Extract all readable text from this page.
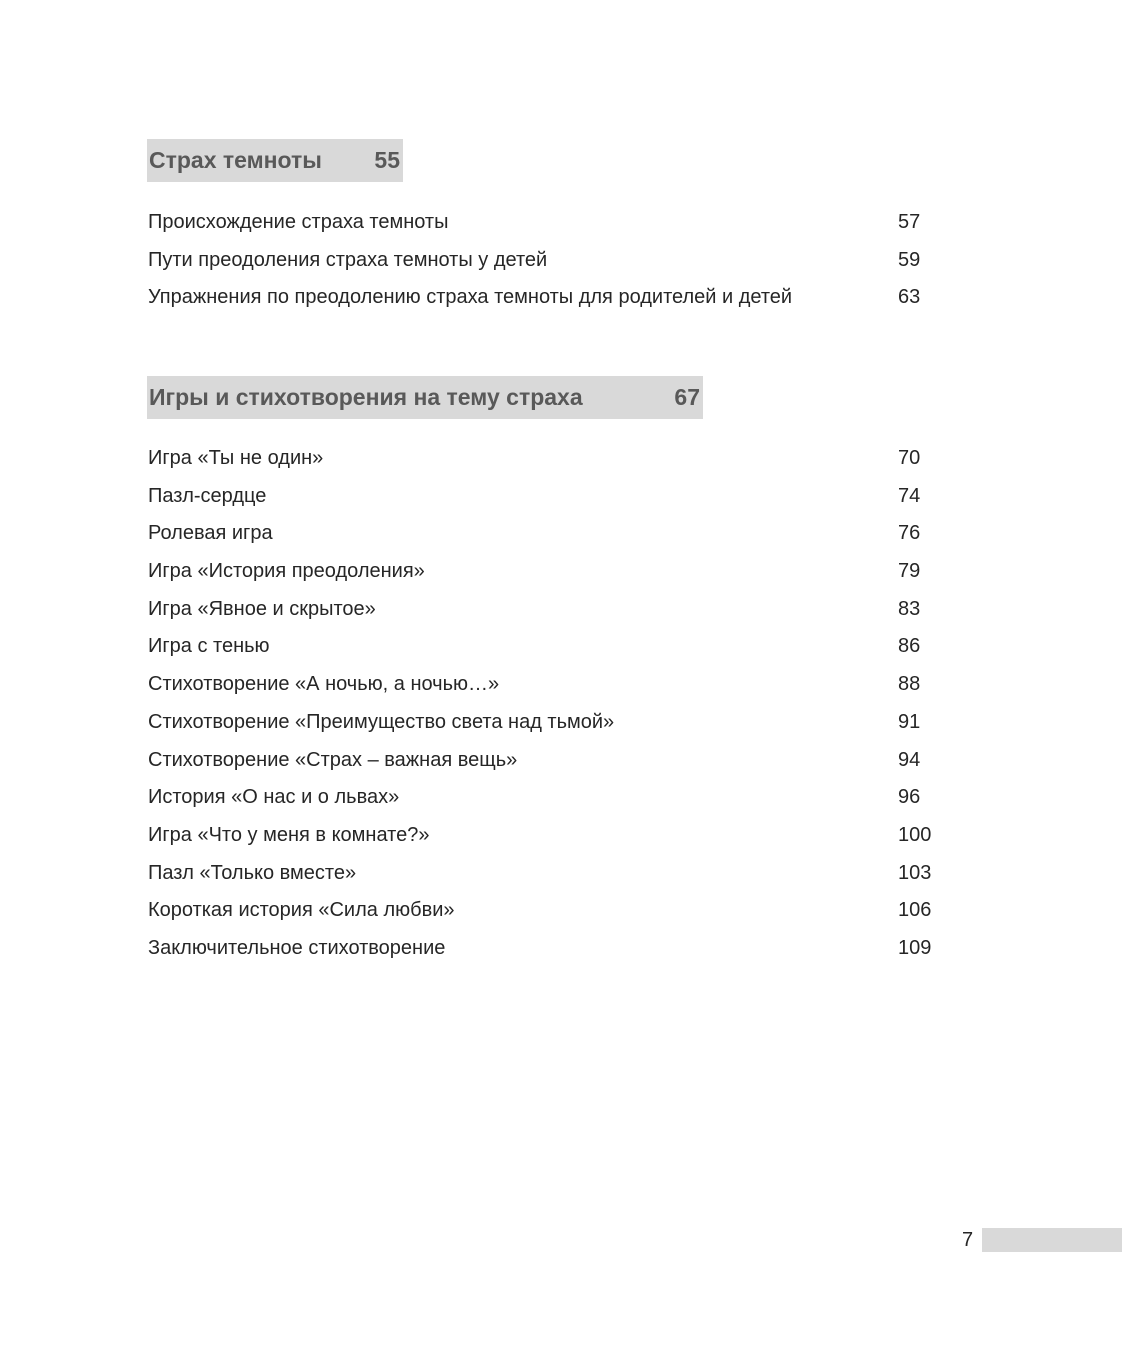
Страх темноты 55
Происхождение страха темноты	57
Пути преодоления страха темноты у детей	59
Упражнения по преодолению страха темноты для родителей и детей	63
Игры и стихотворения на тему страха	67
Игра «Ты не один»	70
Пазл-сердце	74
Ролевая игра	76
Игра «История преодоления»	79
Игра «Явное и скрытое»	83
Игра с тенью	86
Стихотворение «А ночью, а ночью…»	88
Стихотворение «Преимущество света над тьмой»	91
Стихотворение «Страх – важная вещь»	94
История «О нас и о львах»	96
Игра «Что у меня в комнате?»	100
Пазл «Только вместе»	103
Короткая история «Сила любви»	106
Заключительное стихотворение	109
7
